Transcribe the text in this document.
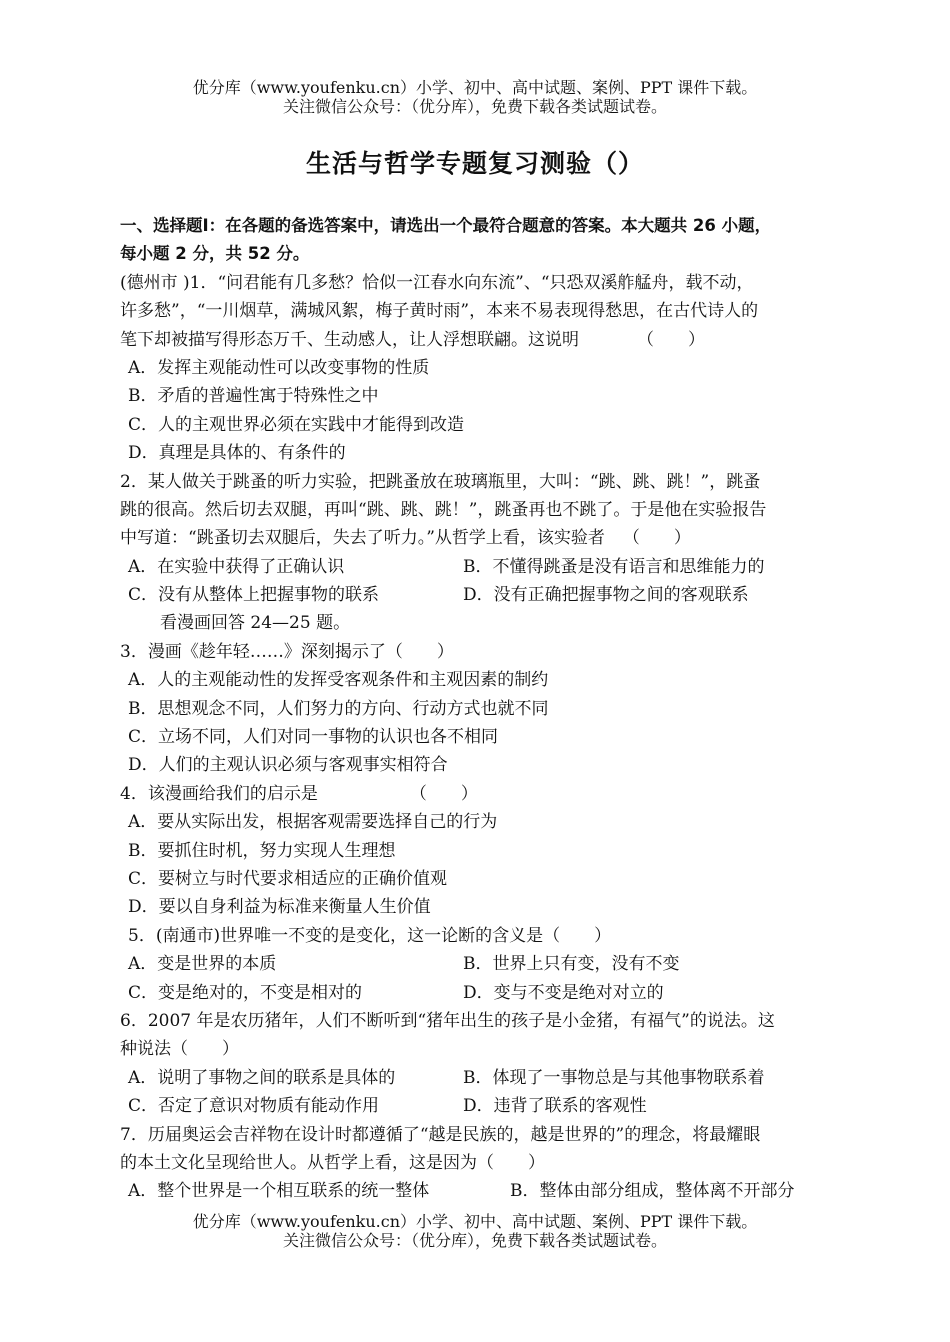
优分库（www.youfenku.cn）小学、初中、高中试题、案例、PPT 课件下载。
关注微信公众号：（优分库），免费下载各类试题试卷。
生活与哲学专题复习测验（）
一、选择题Ⅰ：在各题的备选答案中，请选出一个最符合题意的答案。本大题共 26 小题，
每小题 2 分，共 52 分。
(德州市 )1．“问君能有几多愁？恰似一江春水向东流”、“只恐双溪舴艋舟，载不动，
许多愁”，“一川烟草，满城风絮，梅子黄时雨”，本来不易表现得愁思，在古代诗人的
笔下却被描写得形态万千、生动感人，让人浮想联翩。这说明	（　　）
A．发挥主观能动性可以改变事物的性质
B．矛盾的普遍性寓于特殊性之中
C．人的主观世界必须在实践中才能得到改造
D．真理是具体的、有条件的
2．某人做关于跳蚤的听力实验，把跳蚤放在玻璃瓶里，大叫：“跳、跳、跳！”，跳蚤
跳的很高。然后切去双腿，再叫“跳、跳、跳！”，跳蚤再也不跳了。于是他在实验报告
中写道：“跳蚤切去双腿后，失去了听力。”从哲学上看，该实验者 （　　）
A．在实验中获得了正确认识	B．不懂得跳蚤是没有语言和思维能力的
C．没有从整体上把握事物的联系	D．没有正确把握事物之间的客观联系
看漫画回答 24—25 题。
3．漫画《趁年轻……》深刻揭示了（　　）
A．人的主观能动性的发挥受客观条件和主观因素的制约
B．思想观念不同，人们努力的方向、行动方式也就不同
C．立场不同，人们对同一事物的认识也各不相同
D．人们的主观认识必须与客观事实相符合
4．该漫画给我们的启示是	（　　）
A．要从实际出发，根据客观需要选择自己的行为
B．要抓住时机，努力实现人生理想
C．要树立与时代要求相适应的正确价值观
D．要以自身利益为标准来衡量人生价值
5．(南通市)世界唯一不变的是变化，这一论断的含义是（　　）
A．变是世界的本质	B．世界上只有变，没有不变
C．变是绝对的，不变是相对的	D．变与不变是绝对对立的
6．2007 年是农历猪年，人们不断听到“猪年出生的孩子是小金猪，有福气”的说法。这
种说法（　　）
A．说明了事物之间的联系是具体的	B．体现了一事物总是与其他事物联系着
C．否定了意识对物质有能动作用	D．违背了联系的客观性
7．历届奥运会吉祥物在设计时都遵循了“越是民族的，越是世界的”的理念，将最耀眼
的本土文化呈现给世人。从哲学上看，这是因为（　　）
A．整个世界是一个相互联系的统一整体	B．整体由部分组成，整体离不开部分
优分库（www.youfenku.cn）小学、初中、高中试题、案例、PPT 课件下载。
关注微信公众号：（优分库），免费下载各类试题试卷。
